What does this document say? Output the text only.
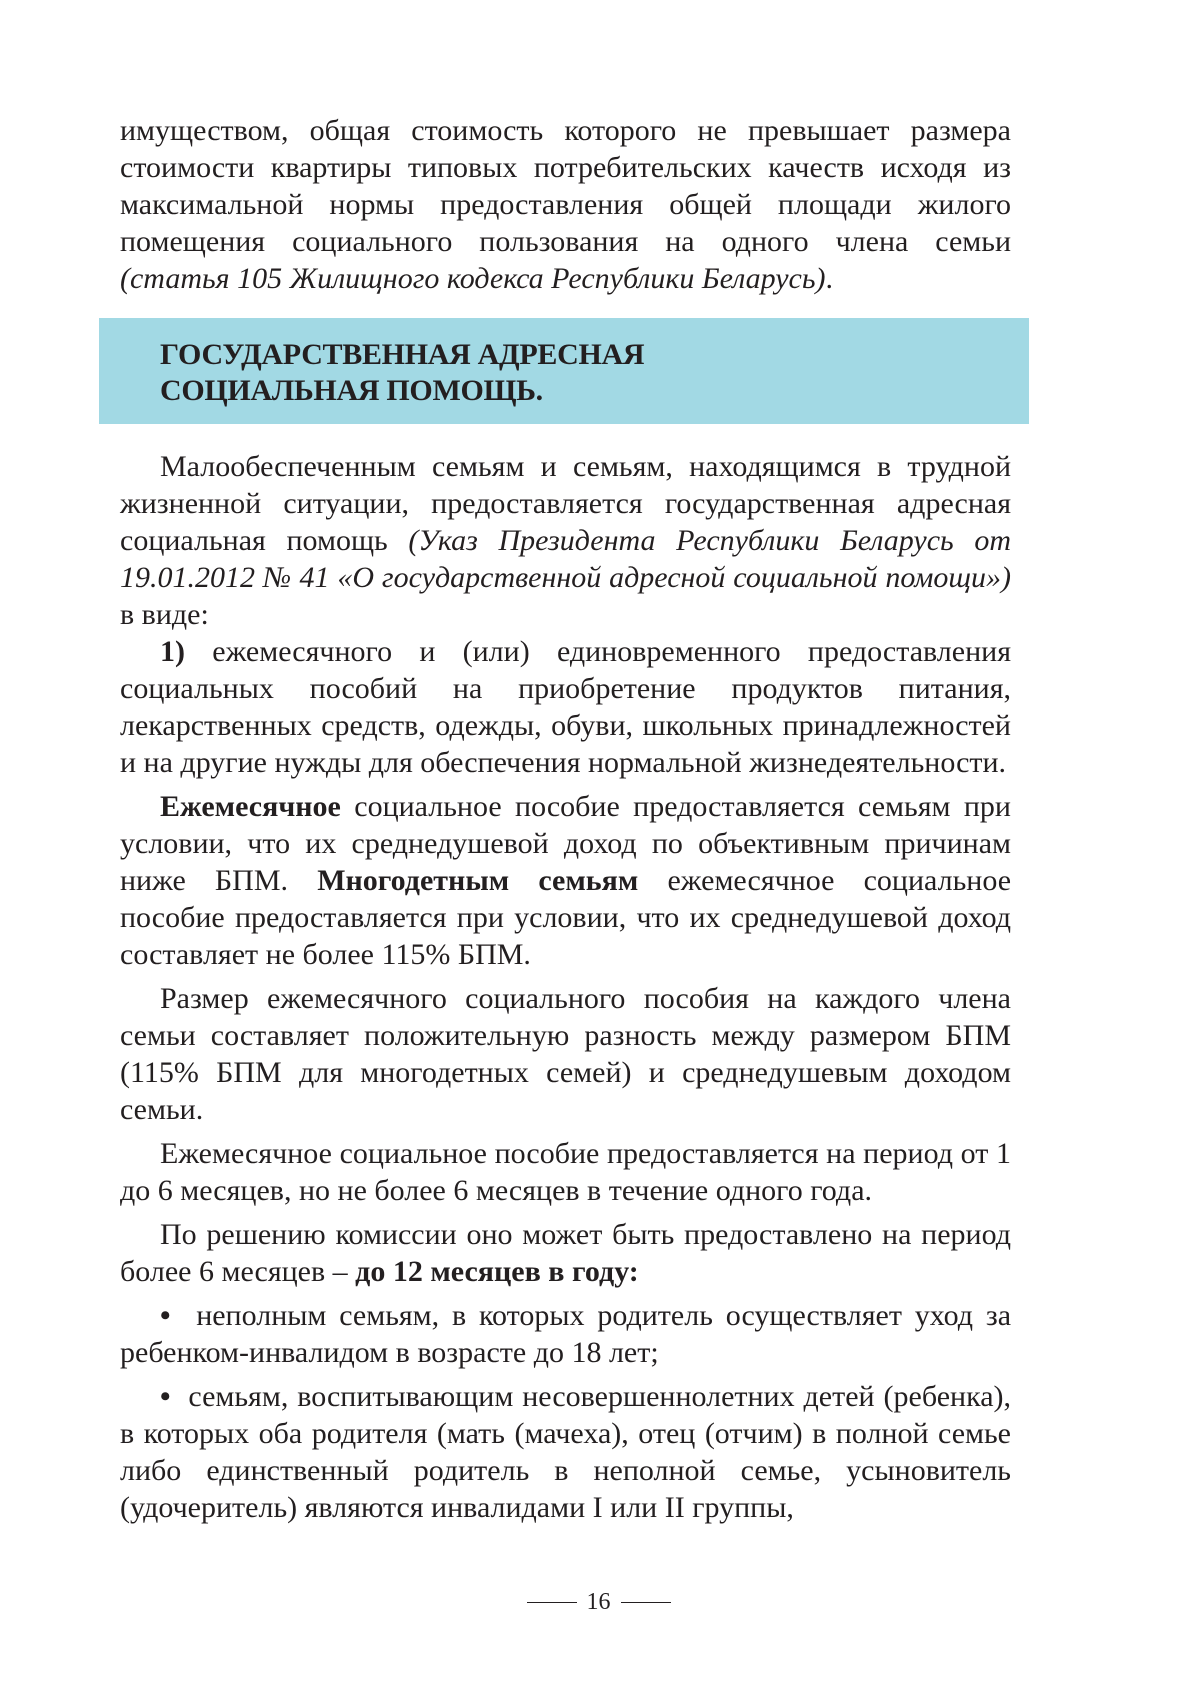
имуществом, общая стоимость которого не превышает размера стоимости квартиры типовых потребительских качеств исходя из максимальной нормы предоставления общей площади жилого помещения социального пользования на одного члена семьи (статья 105 Жилищного кодекса Республики Беларусь).

ГОСУДАРСТВЕННАЯ АДРЕСНАЯ
СОЦИАЛЬНАЯ ПОМОЩЬ.

Малообеспеченным семьям и семьям, находящимся в трудной жизненной ситуации, предоставляется государственная адресная социальная помощь (Указ Президента Республики Беларусь от 19.01.2012 № 41 «О государственной адресной социальной помощи») в виде:

1) ежемесячного и (или) единовременного предоставления социальных пособий на приобретение продуктов питания, лекарственных средств, одежды, обуви, школьных принадлежностей и на другие нужды для обеспечения нормальной жизнедеятельности.

Ежемесячное социальное пособие предоставляется семьям при условии, что их среднедушевой доход по объективным причинам ниже БПМ. Многодетным семьям ежемесячное социальное пособие предоставляется при условии, что их среднедушевой доход составляет не более 115% БПМ.

Размер ежемесячного социального пособия на каждого члена семьи составляет положительную разность между размером БПМ (115% БПМ для многодетных семей) и среднедушевым доходом семьи.

Ежемесячное социальное пособие предоставляется на период от 1 до 6 месяцев, но не более 6 месяцев в течение одного года.

По решению комиссии оно может быть предоставлено на период более 6 месяцев – до 12 месяцев в году:

• неполным семьям, в которых родитель осуществляет уход за ребенком-инвалидом в возрасте до 18 лет;

• семьям, воспитывающим несовершеннолетних детей (ребенка), в которых оба родителя (мать (мачеха), отец (отчим) в полной семье либо единственный родитель в неполной семье, усыновитель (удочеритель) являются инвалидами I или II группы,

16
